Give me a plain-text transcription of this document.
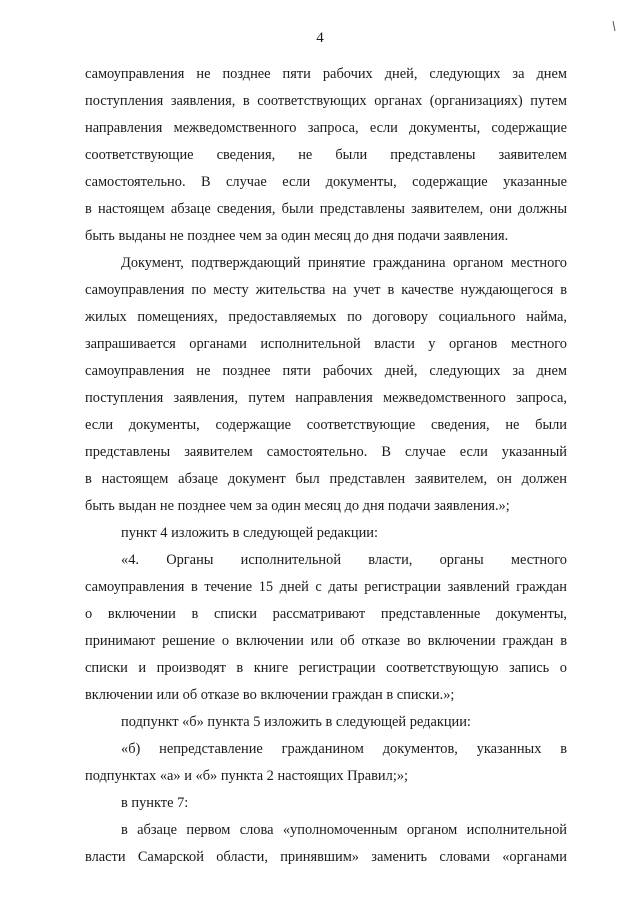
4
самоуправления не позднее пяти рабочих дней, следующих за днем
поступления заявления, в соответствующих органах (организациях) путем
направления межведомственного запроса, если документы, содержащие
соответствующие сведения, не были представлены заявителем
самостоятельно. В случае если документы, содержащие указанные
в настоящем абзаце сведения, были представлены заявителем, они должны
быть выданы не позднее чем за один месяц до дня подачи заявления.
Документ, подтверждающий принятие гражданина органом местного
самоуправления по месту жительства на учет в качестве нуждающегося в
жилых помещениях, предоставляемых по договору социального найма,
запрашивается органами исполнительной власти у органов местного
самоуправления не позднее пяти рабочих дней, следующих за днем
поступления заявления, путем направления межведомственного запроса,
если документы, содержащие соответствующие сведения, не были
представлены заявителем самостоятельно. В случае если указанный
в настоящем абзаце документ был представлен заявителем, он должен
быть выдан не позднее чем за один месяц до дня подачи заявления.»;
пункт 4 изложить в следующей редакции:
«4. Органы исполнительной власти, органы местного
самоуправления в течение 15 дней с даты регистрации заявлений граждан
о включении в списки рассматривают представленные документы,
принимают решение о включении или об отказе во включении граждан в
списки и производят в книге регистрации соответствующую запись о
включении или об отказе во включении граждан в списки.»;
подпункт «б» пункта 5 изложить в следующей редакции:
«б) непредставление гражданином документов, указанных в
подпунктах «а» и «б» пункта 2 настоящих Правил;»;
в пункте 7:
в абзаце первом слова «уполномоченным органом исполнительной
власти Самарской области, принявшим» заменить словами «органами
